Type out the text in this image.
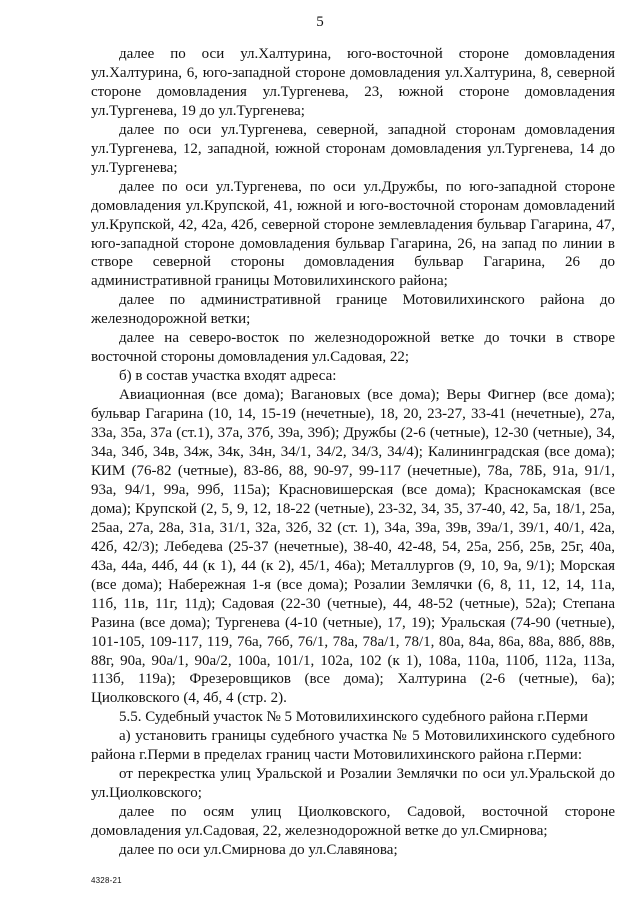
5

далее по оси ул.Халтурина, юго-восточной стороне домовладения ул.Халтурина, 6, юго-западной стороне домовладения ул.Халтурина, 8, северной стороне домовладения ул.Тургенева, 23, южной стороне домовладения ул.Тургенева, 19 до ул.Тургенева;

далее по оси ул.Тургенева, северной, западной сторонам домовладения ул.Тургенева, 12, западной, южной сторонам домовладения ул.Тургенева, 14 до ул.Тургенева;

далее по оси ул.Тургенева, по оси ул.Дружбы, по юго-западной стороне домовладения ул.Крупской, 41, южной и юго-восточной сторонам домовладений ул.Крупской, 42, 42а, 42б, северной стороне землевладения бульвар Гагарина, 47, юго-западной стороне домовладения бульвар Гагарина, 26, на запад по линии в створе северной стороны домовладения бульвар Гагарина, 26 до административной границы Мотовилихинского района;

далее по административной границе Мотовилихинского района до железнодорожной ветки;

далее на северо-восток по железнодорожной ветке до точки в створе восточной стороны домовладения ул.Садовая, 22;

б) в состав участка входят адреса:

Авиационная (все дома); Вагановых (все дома); Веры Фигнер (все дома); бульвар Гагарина (10, 14, 15-19 (нечетные), 18, 20, 23-27, 33-41 (нечетные), 27а, 33а, 35а, 37а (ст.1), 37а, 37б, 39а, 39б); Дружбы (2-6 (четные), 12-30 (четные), 34, 34а, 34б, 34в, 34ж, 34к, 34н, 34/1, 34/2, 34/3, 34/4); Калининградская (все дома); КИМ (76-82 (четные), 83-86, 88, 90-97, 99-117 (нечетные), 78а, 78Б, 91а, 91/1, 93а, 94/1, 99а, 99б, 115а); Красновишерская (все дома); Краснокамская (все дома); Крупской (2, 5, 9, 12, 18-22 (четные), 23-32, 34, 35, 37-40, 42, 5а, 18/1, 25а, 25аа, 27а, 28а, 31а, 31/1, 32а, 32б, 32 (ст. 1), 34а, 39а, 39в, 39а/1, 39/1, 40/1, 42а, 42б, 42/3); Лебедева (25-37 (нечетные), 38-40, 42-48, 54, 25а, 25б, 25в, 25г, 40а, 43а, 44а, 44б, 44 (к 1), 44 (к 2), 45/1, 46а); Металлургов (9, 10, 9а, 9/1); Морская (все дома); Набережная 1-я (все дома); Розалии Землячки (6, 8, 11, 12, 14, 11а, 11б, 11в, 11г, 11д); Садовая (22-30 (четные), 44, 48-52 (четные), 52а); Степана Разина (все дома); Тургенева (4-10 (четные), 17, 19); Уральская (74-90 (четные), 101-105, 109-117, 119, 76а, 76б, 76/1, 78а, 78а/1, 78/1, 80а, 84а, 86а, 88а, 88б, 88в, 88г, 90а, 90а/1, 90а/2, 100а, 101/1, 102а, 102 (к 1), 108а, 110а, 110б, 112а, 113а, 113б, 119а); Фрезеровщиков (все дома); Халтурина (2-6 (четные), 6а); Циолковского (4, 4б, 4 (стр. 2).

5.5. Судебный участок № 5 Мотовилихинского судебного района г.Перми

а) установить границы судебного участка № 5 Мотовилихинского судебного района г.Перми в пределах границ части Мотовилихинского района г.Перми:

от перекрестка улиц Уральской и Розалии Землячки по оси ул.Уральской до ул.Циолковского;

далее по осям улиц Циолковского, Садовой, восточной стороне домовладения ул.Садовая, 22, железнодорожной ветке до ул.Смирнова;

далее по оси ул.Смирнова до ул.Славянова;

4328-21
